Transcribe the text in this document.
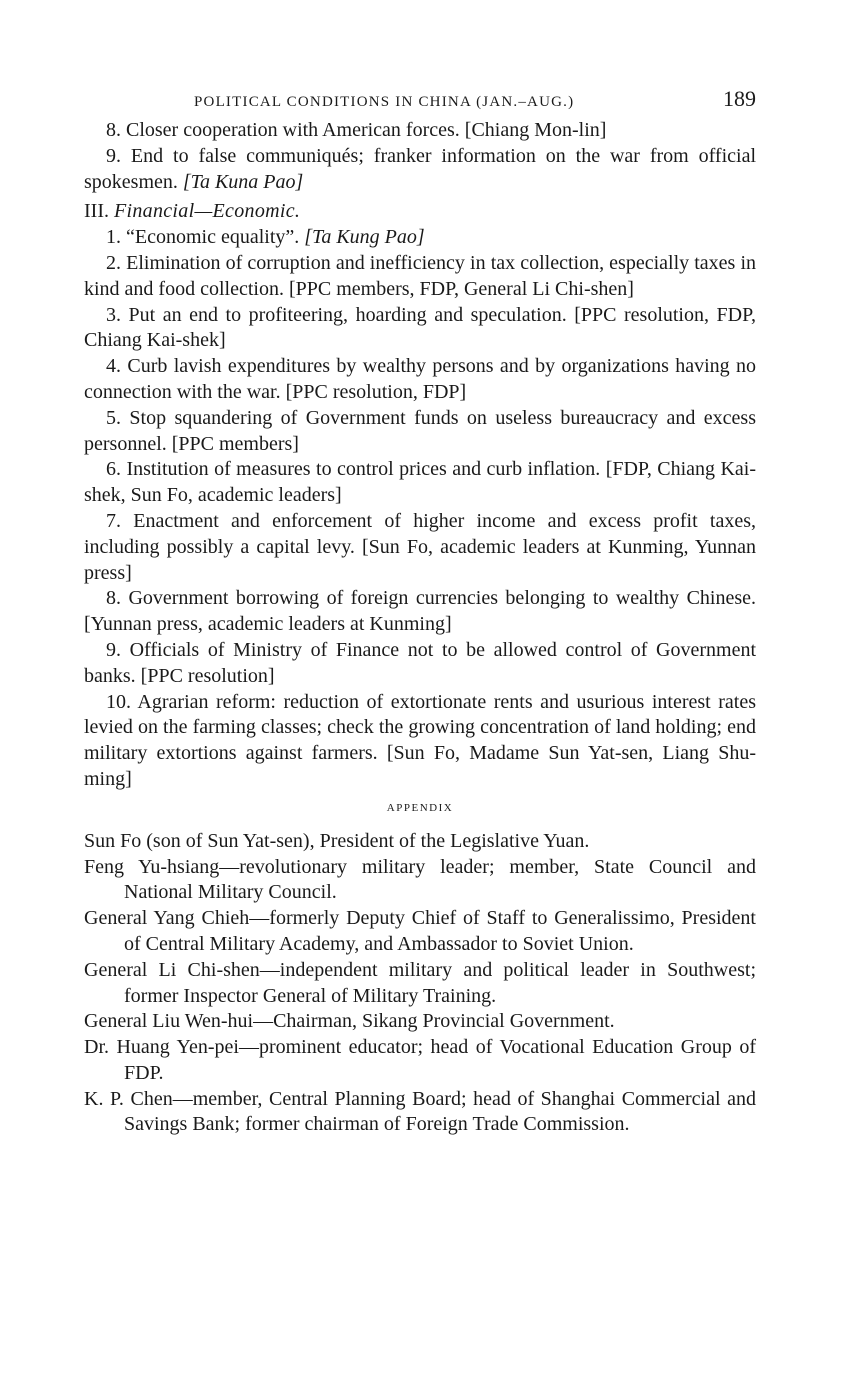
POLITICAL CONDITIONS IN CHINA (JAN.–AUG.)	189

8. Closer cooperation with American forces. [Chiang Mon-lin]

9. End to false communiqués; franker information on the war from official spokesmen. [Ta Kuna Pao]

III. Financial—Economic.

1. “Economic equality”. [Ta Kung Pao]

2. Elimination of corruption and inefficiency in tax collection, especially taxes in kind and food collection. [PPC members, FDP, General Li Chi-shen]

3. Put an end to profiteering, hoarding and speculation. [PPC resolution, FDP, Chiang Kai-shek]

4. Curb lavish expenditures by wealthy persons and by organizations having no connection with the war. [PPC resolution, FDP]

5. Stop squandering of Government funds on useless bureaucracy and excess personnel. [PPC members]

6. Institution of measures to control prices and curb inflation. [FDP, Chiang Kai-shek, Sun Fo, academic leaders]

7. Enactment and enforcement of higher income and excess profit taxes, including possibly a capital levy. [Sun Fo, academic leaders at Kunming, Yunnan press]

8. Government borrowing of foreign currencies belonging to wealthy Chinese. [Yunnan press, academic leaders at Kunming]

9. Officials of Ministry of Finance not to be allowed control of Government banks. [PPC resolution]

10. Agrarian reform: reduction of extortionate rents and usurious interest rates levied on the farming classes; check the growing concentration of land holding; end military extortions against farmers. [Sun Fo, Madame Sun Yat-sen, Liang Shu-ming]

APPENDIX

Sun Fo (son of Sun Yat-sen), President of the Legislative Yuan.

Feng Yu-hsiang—revolutionary military leader; member, State Council and National Military Council.

General Yang Chieh—formerly Deputy Chief of Staff to Generalissimo, President of Central Military Academy, and Ambassador to Soviet Union.

General Li Chi-shen—independent military and political leader in Southwest; former Inspector General of Military Training.

General Liu Wen-hui—Chairman, Sikang Provincial Government.

Dr. Huang Yen-pei—prominent educator; head of Vocational Education Group of FDP.

K. P. Chen—member, Central Planning Board; head of Shanghai Commercial and Savings Bank; former chairman of Foreign Trade Commission.
